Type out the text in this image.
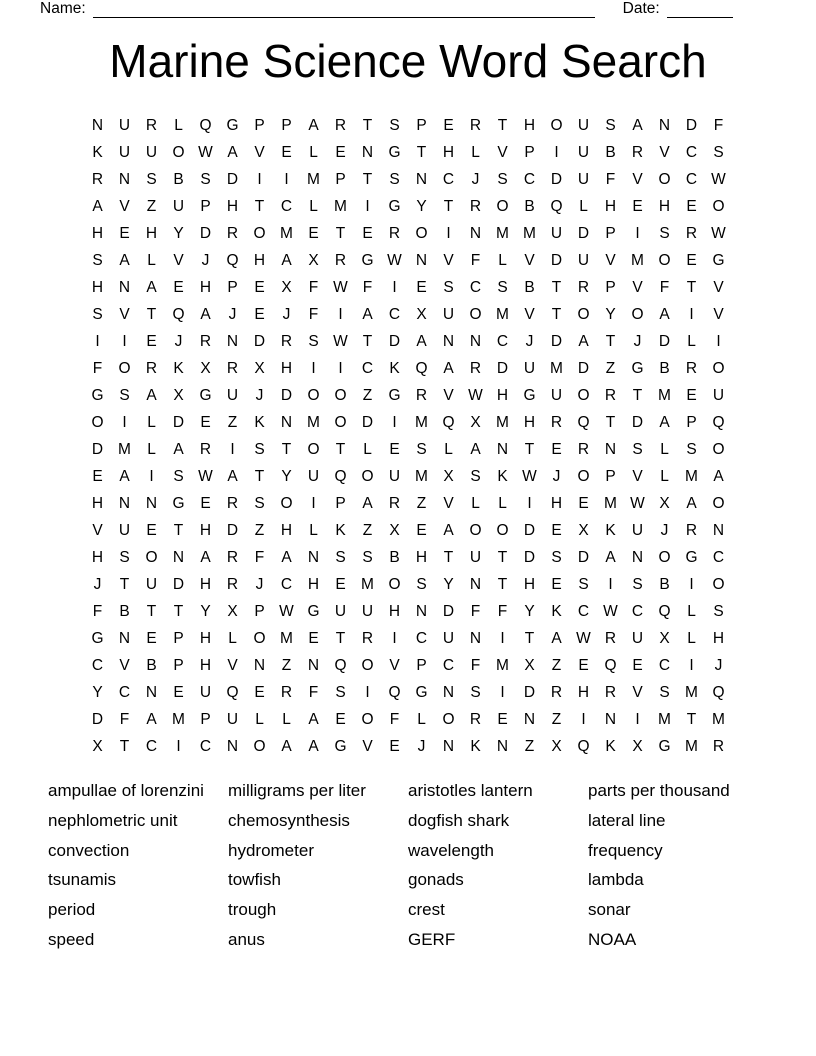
Name:	Date:
Marine Science Word Search
N	U	R	L	Q G	P	P	A	R	T	S	P	E	R	T	H O U	S	A	N	D	F
K	U	U O W A	V	E	L	E	N G	T	H	L	V	P	I	U	B	R	V	C	S
R	N	S	B	S	D	I	I	M P	T	S	N	C	J	S	C	D	U	F	V	O C W
A	V	Z	U	P	H	T	C	L	M	I	G	Y	T	R O	B	Q	L	H	E	H	E	O
H	E	H	Y	D	R O M E	T	E	R O	I	N M M U	D	P	I	S	R W
S	A	L	V	J	Q H	A	X	R G W N	V	F	L	V	D	U	V M O	E	G
H	N	A	E	H	P	E	X	F W F	I	E	S	C	S	B	T	R	P	V	F	T	V
S	V	T	Q	A	J	E	J	F	I	A	C	X	U O M V	T	O	Y	O	A	I	V
I	I	E	J	R	N	D	R	S W T	D	A	N	N	C	J	D	A	T	J	D	L	I
F	O R	K	X	R	X	H	I	I	C	K	Q	A	R	D	U M D	Z	G	B	R O
G	S	A	X	G U	J	D O O	Z	G R	V W H G U O R	T	M E	U
O	I	L	D	E	Z	K	N M O D	I	M Q	X M H	R Q	T	D	A	P	Q
D M	L	A	R	I	S	T	O	T	L	E	S	L	A	N	T	E	R	N	S	L	S	O
E	A	I	S W A	T	Y	U Q O U M X	S	K W	J	O	P	V	L	M A
H	N	N G	E	R	S	O	I	P	A	R	Z	V	L	L	I	H	E M W X	A	O
V	U	E	T	H	D	Z	H	L	K	Z	X	E	A	O O D	E	X	K	U	J	R	N
H	S	O N	A	R	F	A	N	S	S	B	H	T	U	T	D	S	D	A	N O G C
J	T	U	D	H	R	J	C	H	E M O	S	Y	N	T	H	E	S	I	S	B	I	O
F	B	T	T	Y	X	P W G U	U	H	N	D	F	F	Y	K	C W C Q	L	S
G N	E	P	H	L	O M E	T	R	I	C	U	N	I	T	A W R	U	X	L	H
C	V	B	P	H	V	N	Z	N Q O	V	P	C	F	M X	Z	E	Q	E	C	I	J
Y	C	N	E	U Q	E	R	F	S	I	Q G N	S	I	D	R	H	R	V	S M Q
D	F	A M P	U	L	L	A	E	O	F	L	O R	E	N	Z	I	N	I	M	T	M
X	T	C	I	C	N O	A	A	G	V	E	J	N	K	N	Z	X	Q	K	X	G M R
ampullae of lorenzini
nephlometric unit
convection
tsunamis
period
speed
milligrams per liter
chemosynthesis
hydrometer
towfish
trough
anus
aristotles lantern
dogfish shark
wavelength
gonads
crest
GERF
parts per thousand
lateral line
frequency
lambda
sonar
NOAA
